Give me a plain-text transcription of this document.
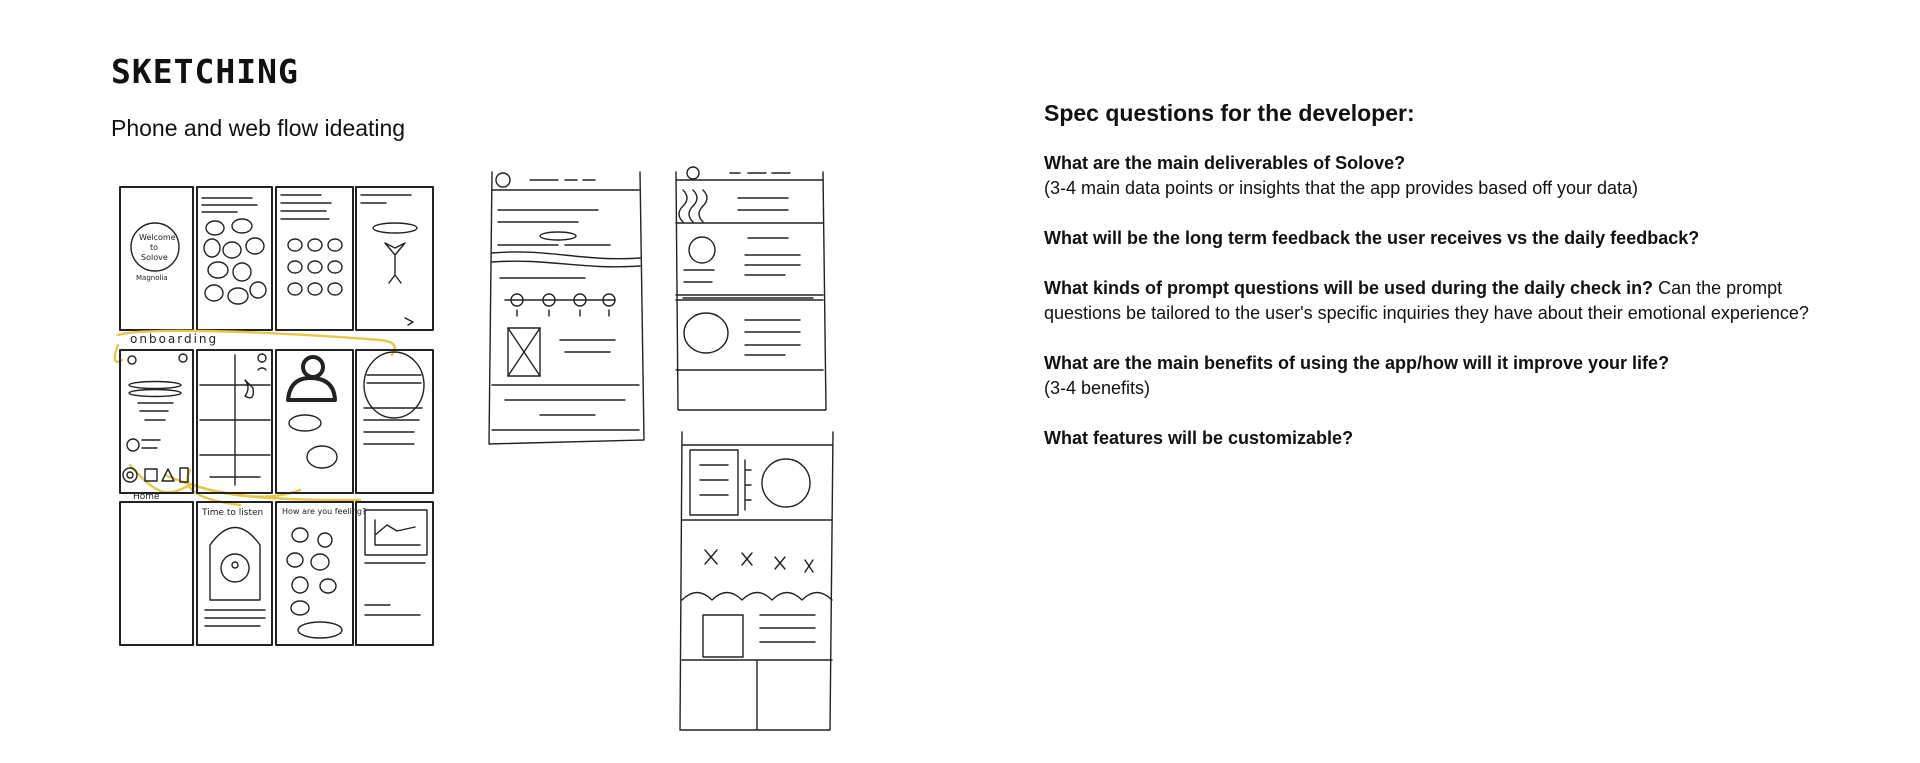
SKETCHING
Phone and web flow ideating
Welcome
to
Solove
Magnolia
onboarding
Home
Time to listen How are you feeling?
Spec questions for the developer:
What are the main deliverables of Solove?
(3-4 main data points or insights that the app provides based off your data)
What will be the long term feedback the user receives vs the daily feedback?
What kinds of prompt questions will be used during the daily check in? Can the prompt questions be tailored to the user's specific inquiries they have about their emotional experience?
What are the main benefits of using the app/how will it improve your life?
(3-4 benefits)
What features will be customizable?
